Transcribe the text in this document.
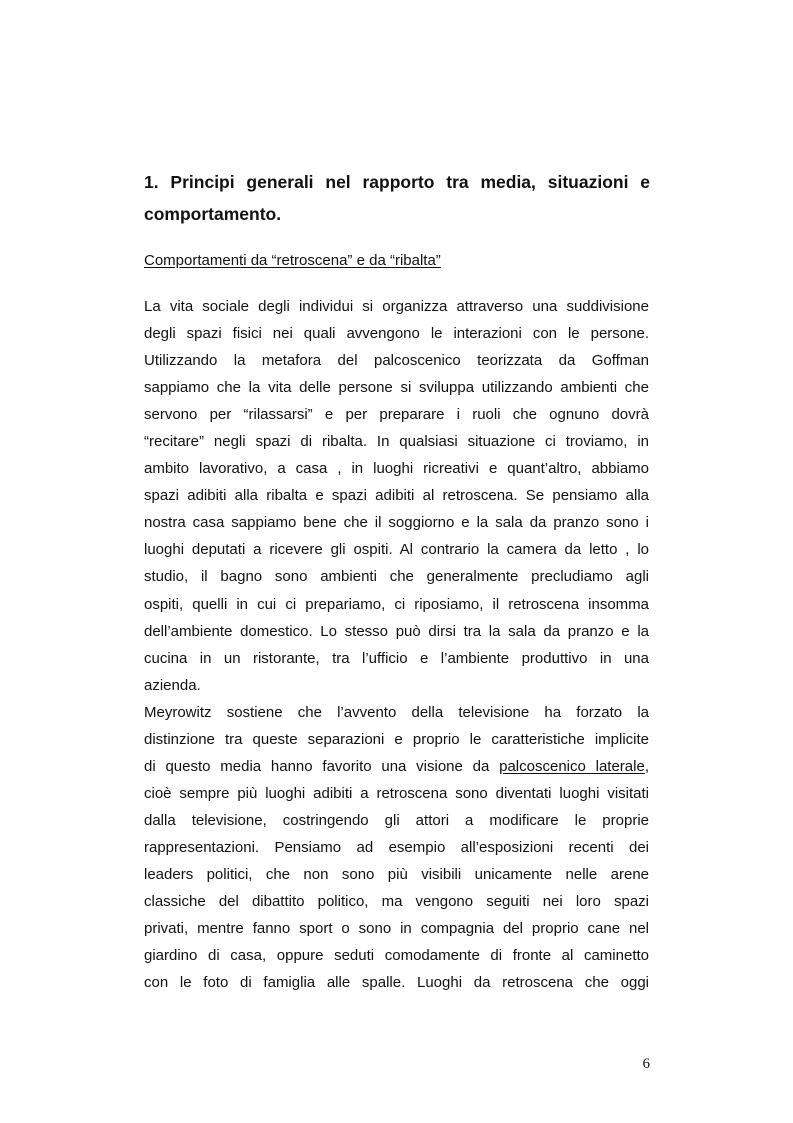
1. Principi generali nel rapporto tra media, situazioni e
comportamento.

Comportamenti da “retroscena” e da “ribalta”

La vita sociale degli individui si organizza attraverso una suddivisione
degli spazi fisici nei quali avvengono le interazioni con le persone.
Utilizzando la metafora del palcoscenico teorizzata da Goffman
sappiamo che la vita delle persone si sviluppa utilizzando ambienti che
servono per “rilassarsi” e per preparare i ruoli che ognuno dovrà
“recitare” negli spazi di ribalta. In qualsiasi situazione ci troviamo, in
ambito lavorativo, a casa , in luoghi ricreativi e quant’altro, abbiamo
spazi adibiti alla ribalta e spazi adibiti al retroscena. Se pensiamo alla
nostra casa sappiamo bene che il soggiorno e la sala da pranzo sono i
luoghi deputati a ricevere gli ospiti. Al contrario la camera da letto , lo
studio, il bagno sono ambienti che generalmente precludiamo agli
ospiti, quelli in cui ci prepariamo, ci riposiamo, il retroscena insomma
dell’ambiente domestico. Lo stesso può dirsi tra la sala da pranzo e la
cucina in un ristorante, tra l’ufficio e l’ambiente produttivo in una
azienda.
Meyrowitz sostiene che l’avvento della televisione ha forzato la
distinzione tra queste separazioni e proprio le caratteristiche implicite
di questo media hanno favorito una visione da palcoscenico laterale,
cioè sempre più luoghi adibiti a retroscena sono diventati luoghi visitati
dalla televisione, costringendo gli attori a modificare le proprie
rappresentazioni. Pensiamo ad esempio all’esposizioni recenti dei
leaders politici, che non sono più visibili unicamente nelle arene
classiche del dibattito politico, ma vengono seguiti nei loro spazi
privati, mentre fanno sport o sono in compagnia del proprio cane nel
giardino di casa, oppure seduti comodamente di fronte al caminetto
con le foto di famiglia alle spalle. Luoghi da retroscena che oggi

6
